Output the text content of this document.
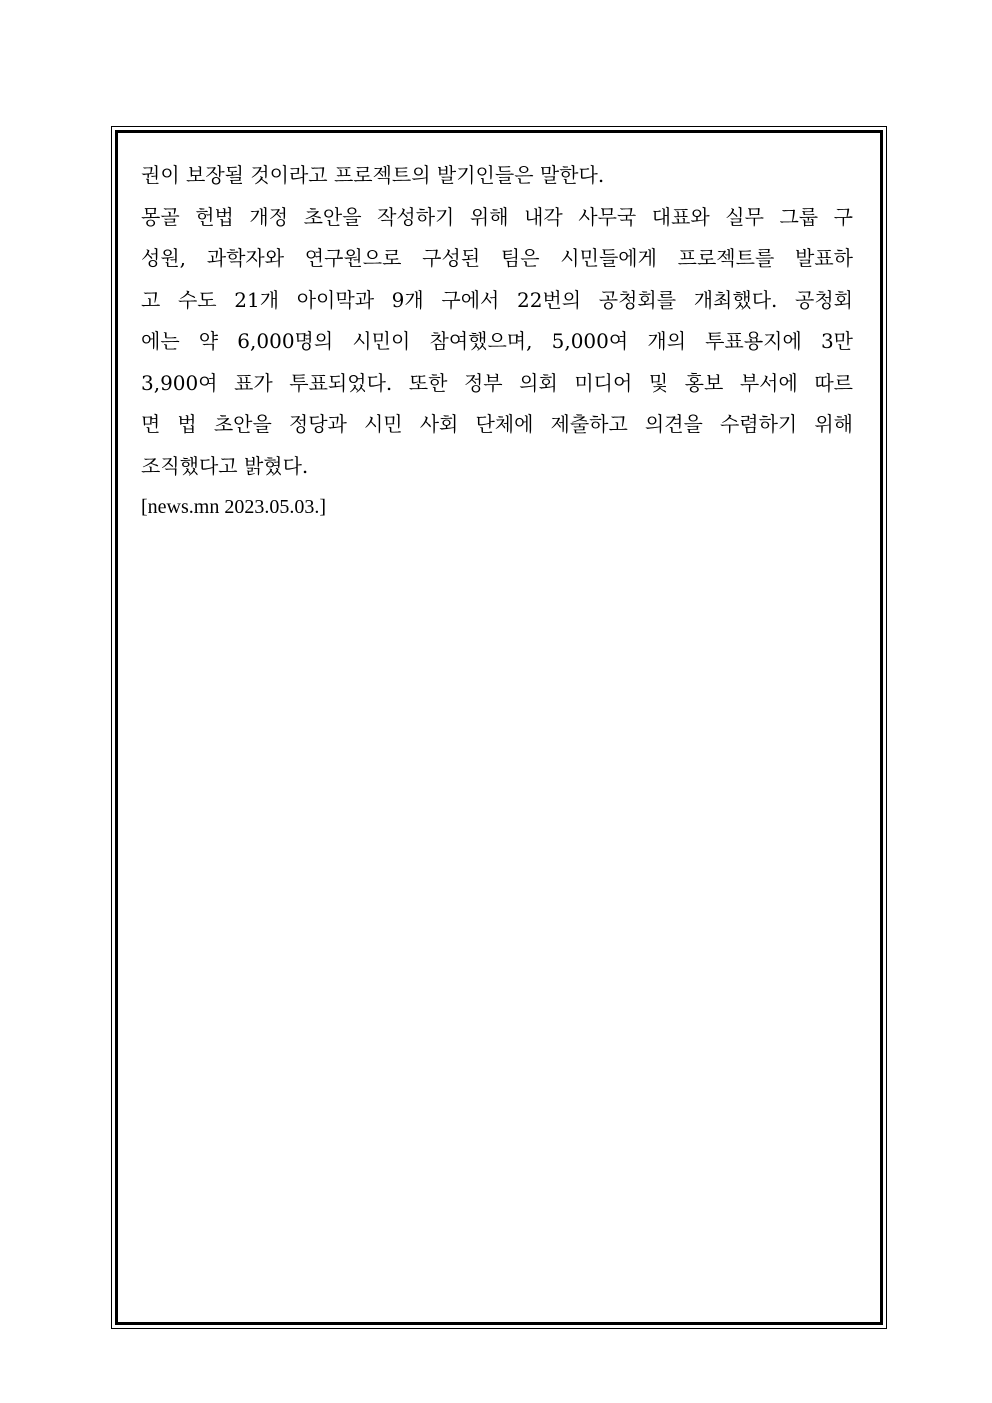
권이 보장될 것이라고 프로젝트의 발기인들은 말한다.
몽골 헌법 개정 초안을 작성하기 위해 내각 사무국 대표와 실무 그룹 구
성원, 과학자와 연구원으로 구성된 팀은 시민들에게 프로젝트를 발표하
고 수도 21개 아이막과 9개 구에서 22번의 공청회를 개최했다. 공청회
에는 약 6,000명의 시민이 참여했으며, 5,000여 개의 투표용지에 3만
3,900여 표가 투표되었다. 또한 정부 의회 미디어 및 홍보 부서에 따르
면 법 초안을 정당과 시민 사회 단체에 제출하고 의견을 수렴하기 위해
조직했다고 밝혔다.
[news.mn 2023.05.03.]
